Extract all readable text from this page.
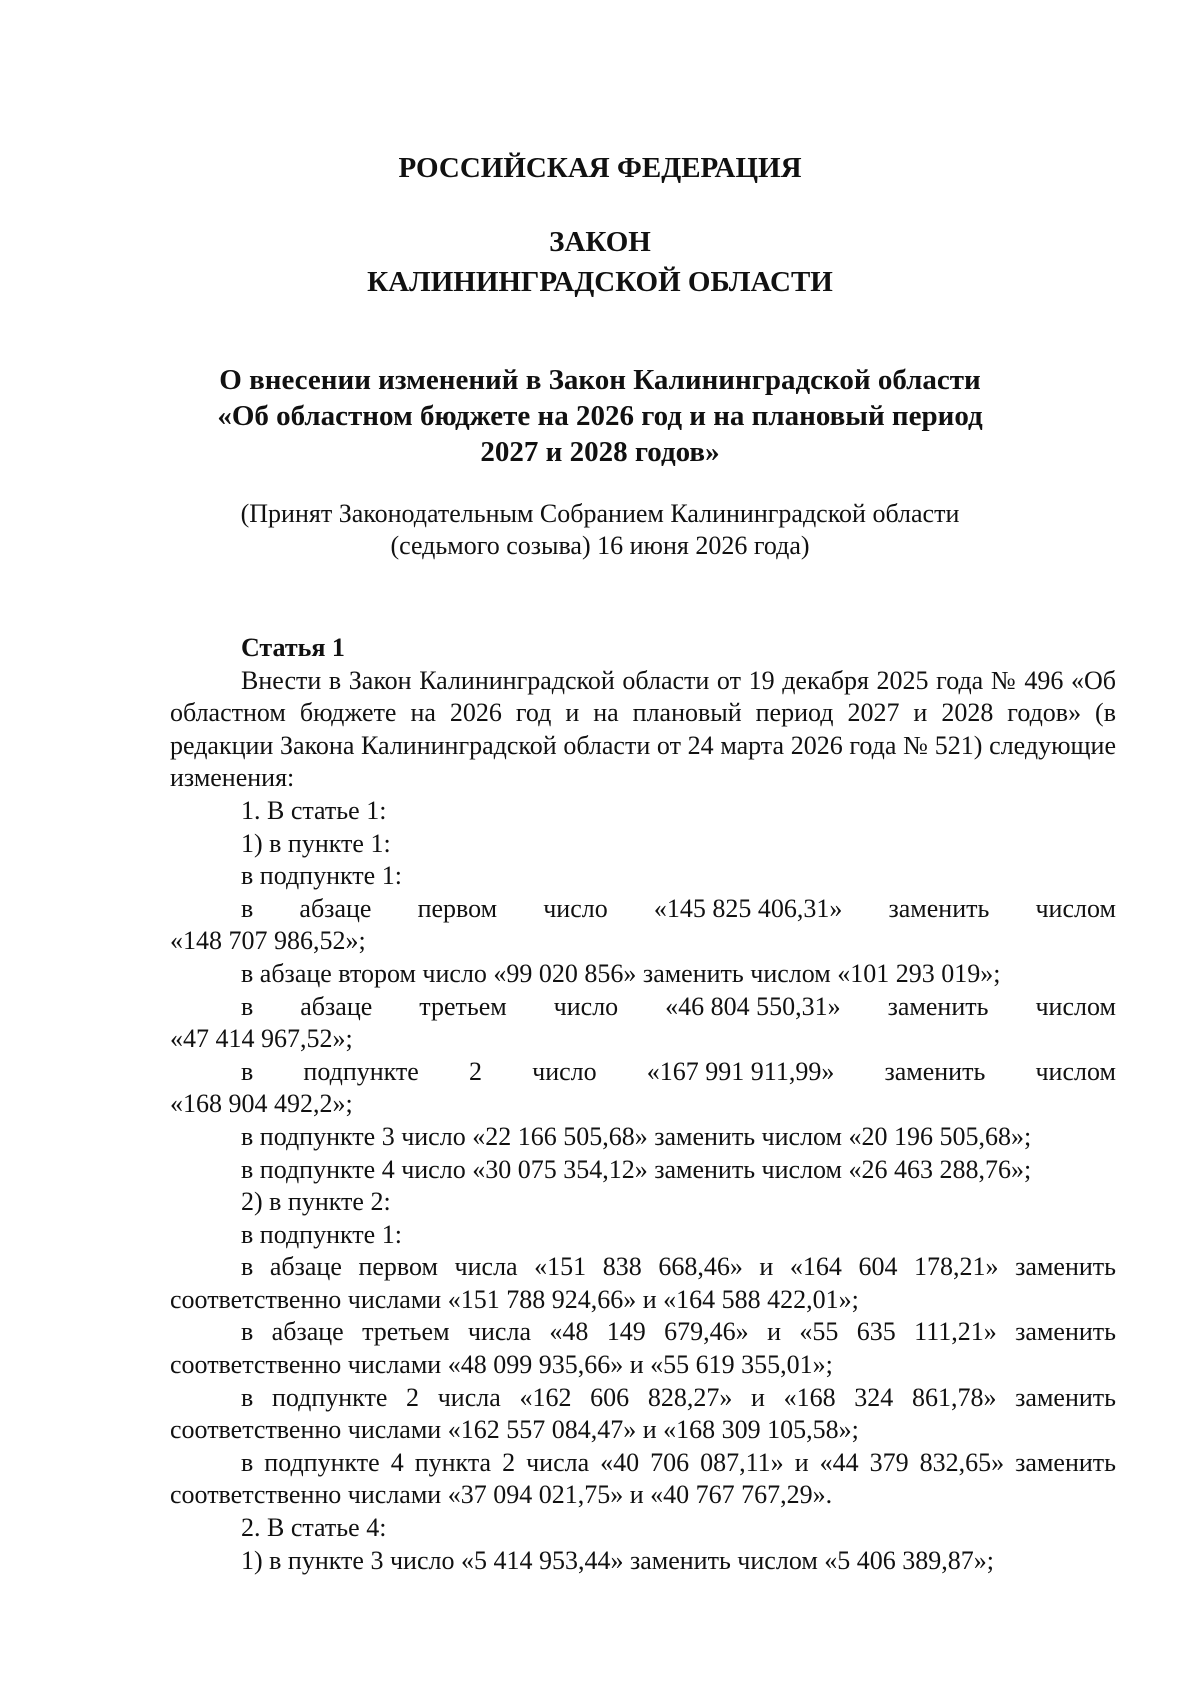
РОССИЙСКАЯ ФЕДЕРАЦИЯ
ЗАКОН
КАЛИНИНГРАДСКОЙ ОБЛАСТИ
О внесении изменений в Закон Калининградской области
«Об областном бюджете на 2026 год и на плановый период
2027 и 2028 годов»
(Принят Законодательным Собранием Калининградской области
(седьмого созыва) 16 июня 2026 года)

Статья 1

Внести в Закон Калининградской области от 19 декабря 2025 года № 496 «Об областном бюджете на 2026 год и на плановый период 2027 и 2028 годов» (в редакции Закона Калининградской области от 24 марта 2026 года № 521) следующие изменения:

1. В статье 1:

1) в пункте 1:

в подпункте 1:

в абзаце первом число «145 825 406,31» заменить числом

«148 707 986,52»;

в абзаце втором число «99 020 856» заменить числом «101 293 019»;

в абзаце третьем число «46 804 550,31» заменить числом

«47 414 967,52»;

в подпункте 2 число «167 991 911,99» заменить числом

«168 904 492,2»;

в подпункте 3 число «22 166 505,68» заменить числом «20 196 505,68»;

в подпункте 4 число «30 075 354,12» заменить числом «26 463 288,76»;

2) в пункте 2:

в подпункте 1:

в абзаце первом числа «151 838 668,46» и «164 604 178,21» заменить соответственно числами «151 788 924,66» и «164 588 422,01»;

в абзаце третьем числа «48 149 679,46» и «55 635 111,21» заменить соответственно числами «48 099 935,66» и «55 619 355,01»;

в подпункте 2 числа «162 606 828,27» и «168 324 861,78» заменить соответственно числами «162 557 084,47» и «168 309 105,58»;

в подпункте 4 пункта 2 числа «40 706 087,11» и «44 379 832,65» заменить соответственно числами «37 094 021,75» и «40 767 767,29».

2. В статье 4:

1) в пункте 3 число «5 414 953,44» заменить числом «5 406 389,87»;
